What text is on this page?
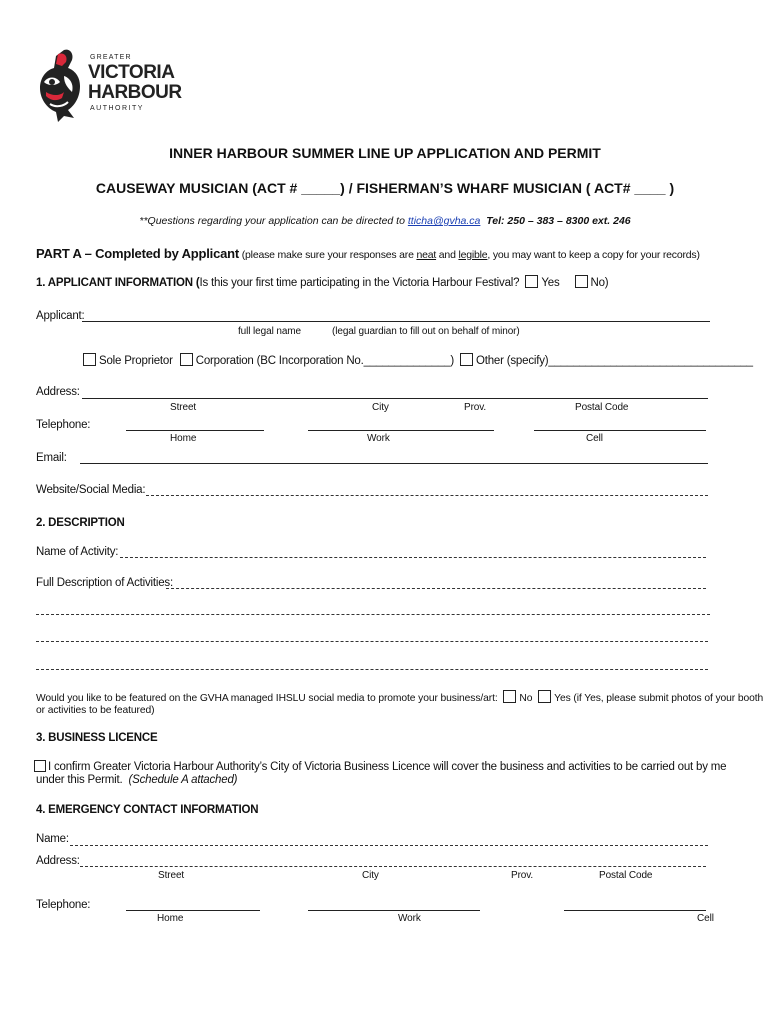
GREATER
VICTORIA
HARBOUR
AUTHORITY
INNER HARBOUR SUMMER LINE UP APPLICATION AND PERMIT
CAUSEWAY MUSICIAN (ACT # _____) / FISHERMAN’S WHARF MUSICIAN ( ACT# ____ )
**Questions regarding your application can be directed to tticha@gvha.ca Tel: 250 – 383 – 8300 ext. 246
PART A – Completed by Applicant (please make sure your responses are neat and legible, you may want to keep a copy for your records)
1. APPLICANT INFORMATION (Is this your first time participating in the Victoria Harbour Festival? Yes	No)
Applicant:
full legal name	(legal guardian to fill out on behalf of minor)
Sole Proprietor Corporation (BC Incorporation No.______________) Other (specify)_________________________________
Address:
Street	City	Prov.	Postal Code
Telephone:
Home	Work	Cell
Email:
Website/Social Media:
2. DESCRIPTION
Name of Activity:
Full Description of Activities:
Would you like to be featured on the GVHA managed IHSLU social media to promote your business/art: No Yes (if Yes, please submit photos of your booth
or activities to be featured)
3. BUSINESS LICENCE
I confirm Greater Victoria Harbour Authority’s City of Victoria Business Licence will cover the business and activities to be carried out by me
under this Permit. (Schedule A attached)
4. EMERGENCY CONTACT INFORMATION
Name:
Address:
Street	City	Prov.	Postal Code
Telephone:
Home	Work	Cell
